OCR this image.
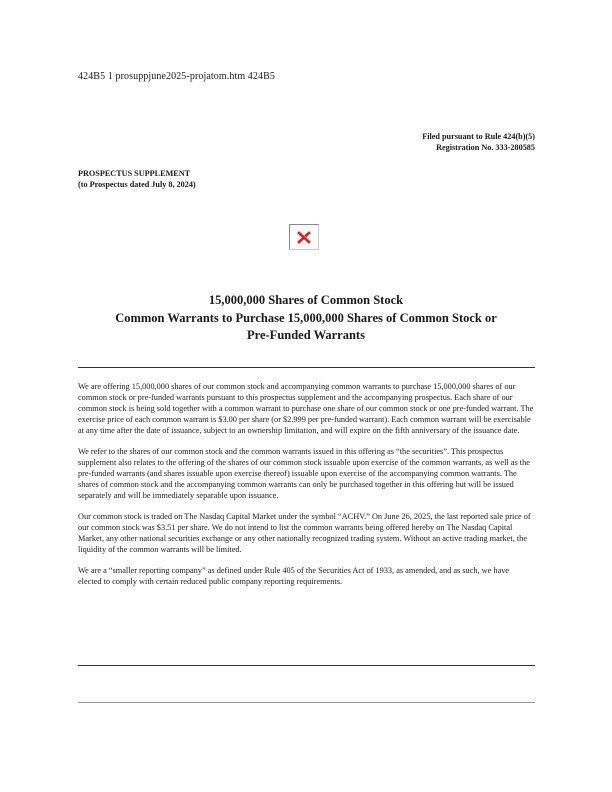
424B5 1 prosuppjune2025-projatom.htm 424B5
Filed pursuant to Rule 424(b)(5)
Registration No. 333-280585
PROSPECTUS SUPPLEMENT
(to Prospectus dated July 8, 2024)
15,000,000 Shares of Common Stock
Common Warrants to Purchase 15,000,000 Shares of Common Stock or
Pre-Funded Warrants

We are offering 15,000,000 shares of our common stock and accompanying common warrants to purchase 15,000,000 shares of our common stock or pre-funded warrants pursuant to this prospectus supplement and the accompanying prospectus. Each share of our common stock is being sold together with a common warrant to purchase one share of our common stock or one pre-funded warrant. The exercise price of each common warrant is $3.00 per share (or $2.999 per pre-funded warrant). Each common warrant will be exercisable at any time after the date of issuance, subject to an ownership limitation, and will expire on the fifth anniversary of the issuance date.

We refer to the shares of our common stock and the common warrants issued in this offering as “the securities”. This prospectus supplement also relates to the offering of the shares of our common stock issuable upon exercise of the common warrants, as well as the pre-funded warrants (and shares issuable upon exercise thereof) issuable upon exercise of the accompanying common warrants. The shares of common stock and the accompanying common warrants can only be purchased together in this offering but will be issued separately and will be immediately separable upon issuance.

Our common stock is traded on The Nasdaq Capital Market under the symbol “ACHV.” On June 26, 2025, the last reported sale price of our common stock was $3.51 per share. We do not intend to list the common warrants being offered hereby on The Nasdaq Capital Market, any other national securities exchange or any other nationally recognized trading system. Without an active trading market, the liquidity of the common warrants will be limited.

We are a “smaller reporting company” as defined under Rule 405 of the Securities Act of 1933, as amended, and as such, we have elected to comply with certain reduced public company reporting requirements.
